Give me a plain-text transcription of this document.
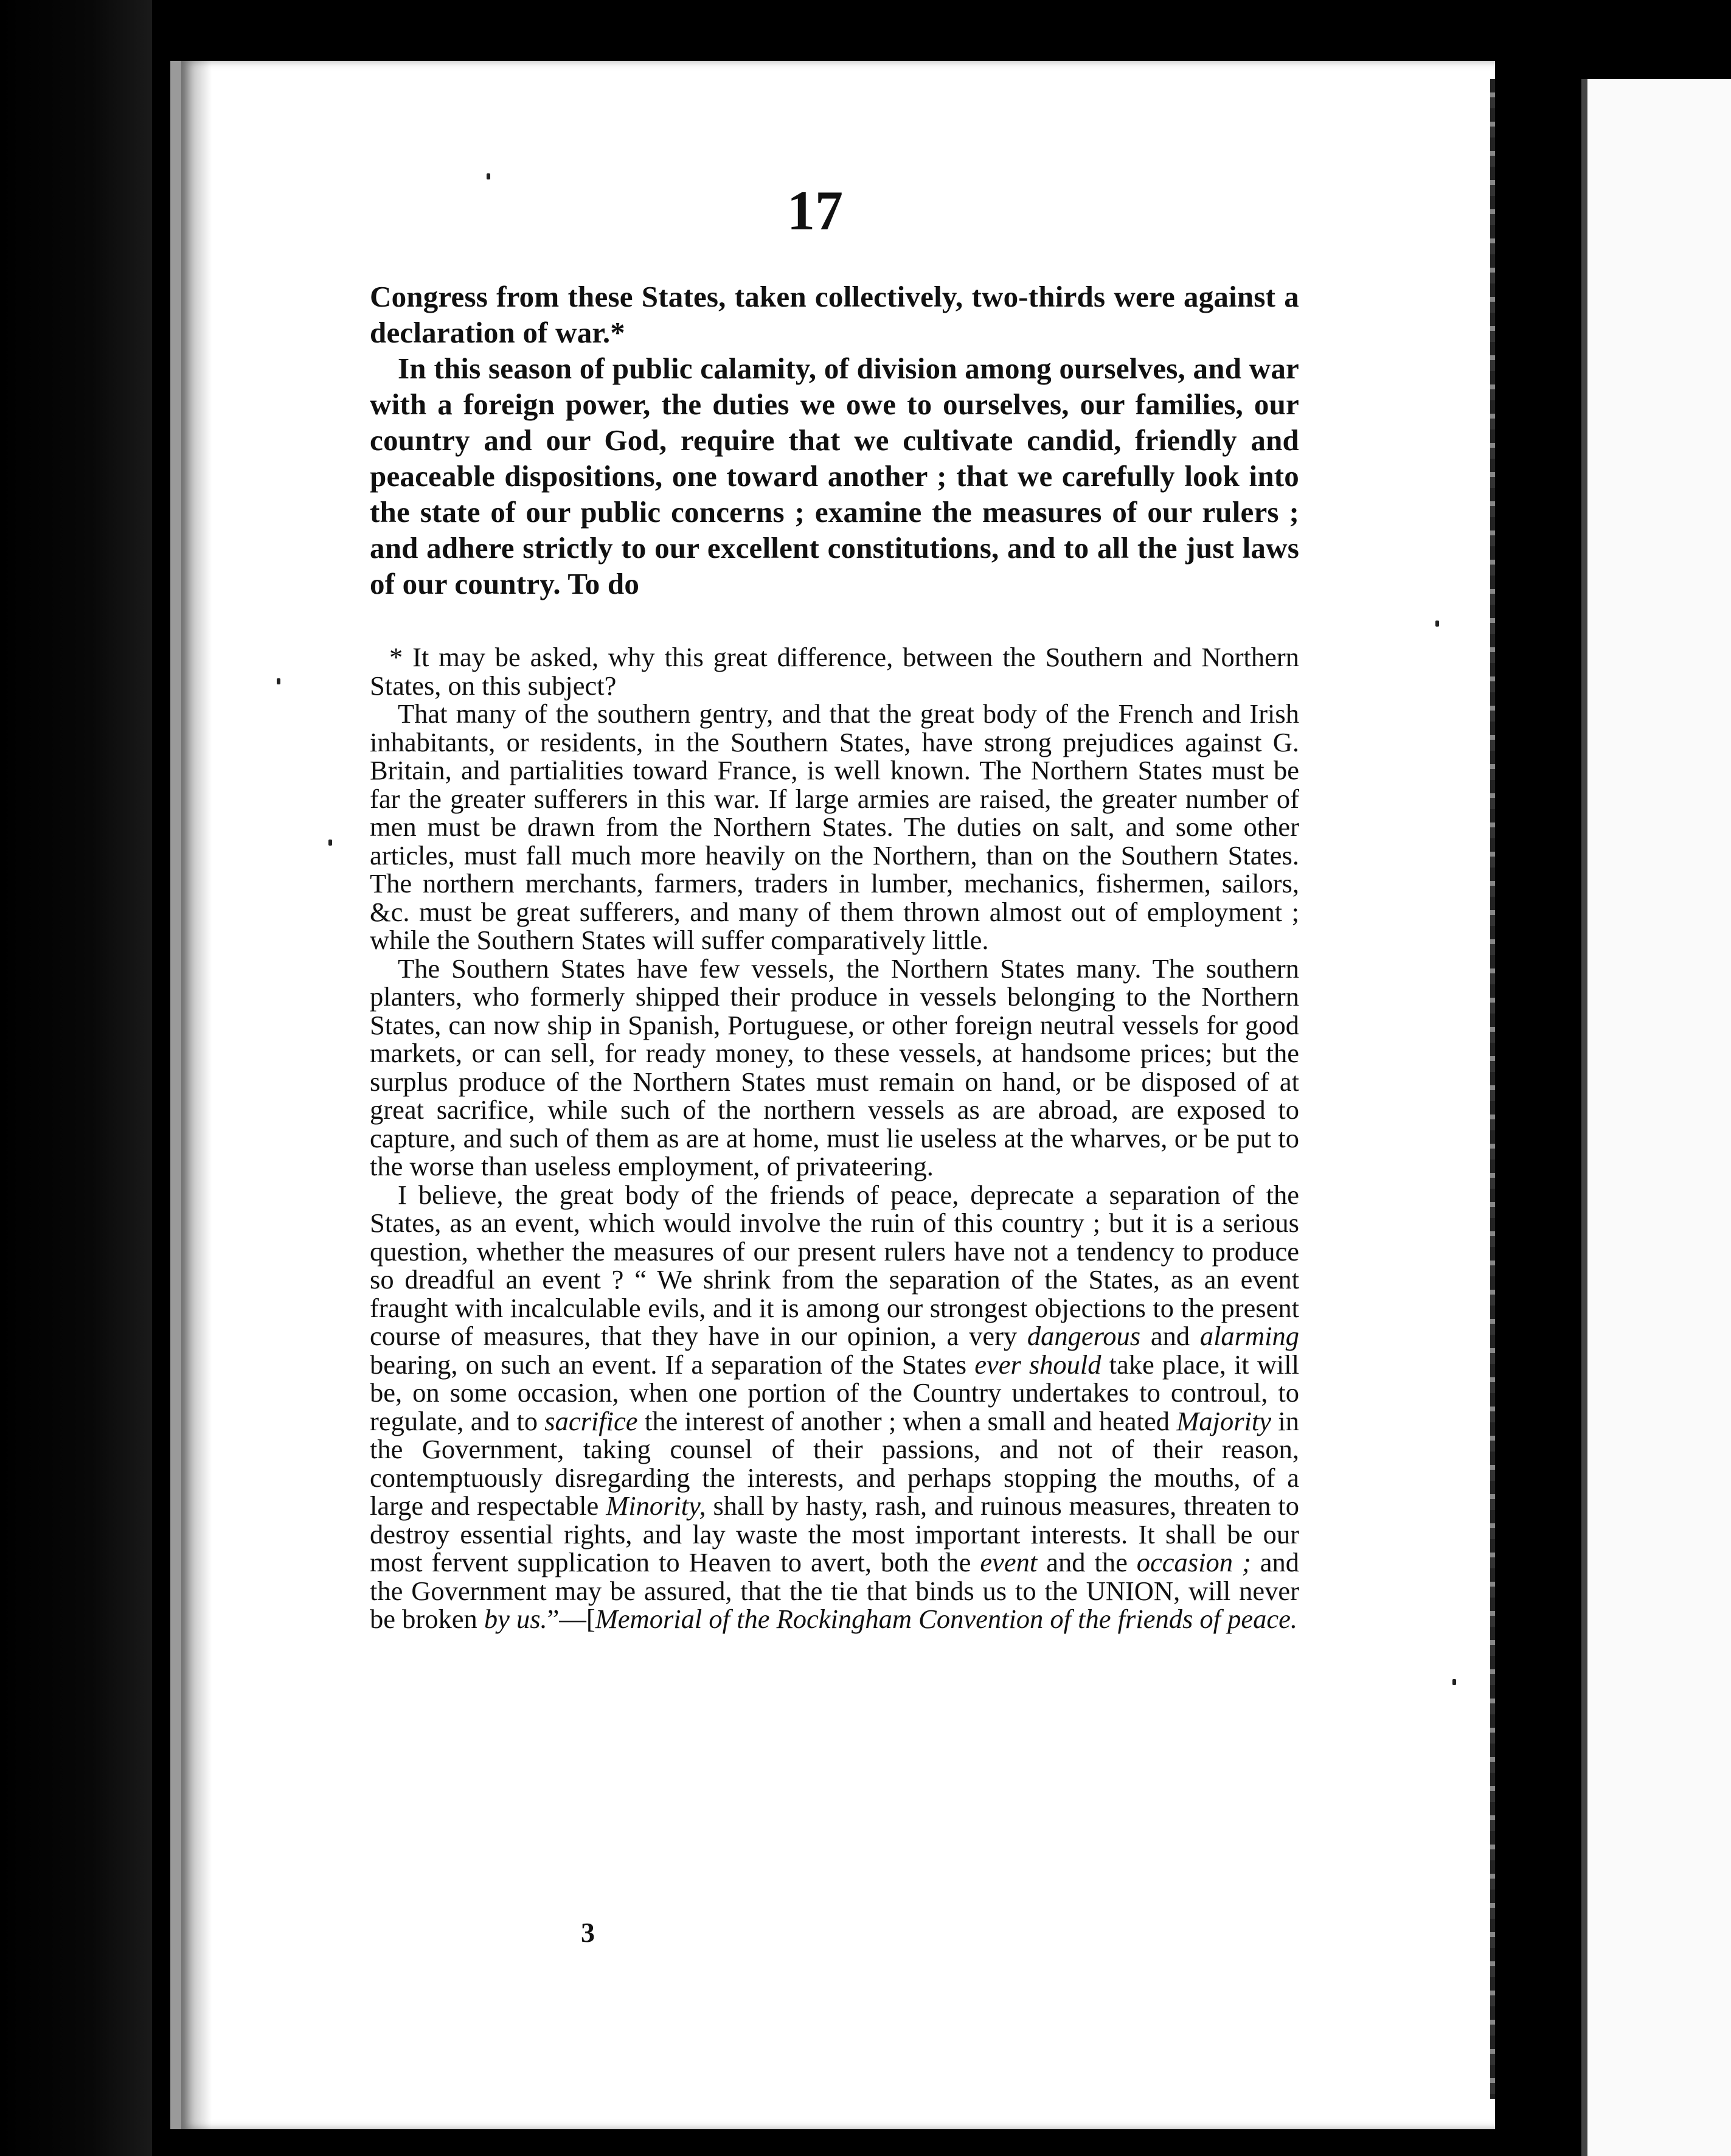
17

Congress from these States, taken collectively, two-thirds were against a declaration of war.*

In this season of public calamity, of division among ourselves, and war with a foreign power, the duties we owe to ourselves, our families, our country and our God, require that we cultivate candid, friendly and peaceable dispositions, one toward another ; that we carefully look into the state of our public concerns ; examine the measures of our rulers ; and adhere strictly to our excellent constitutions, and to all the just laws of our country. To do

* It may be asked, why this great difference, between the Southern and Northern States, on this subject?

That many of the southern gentry, and that the great body of the French and Irish inhabitants, or residents, in the Southern States, have strong prejudices against G. Britain, and partialities toward France, is well known. The Northern States must be far the greater sufferers in this war. If large armies are raised, the greater number of men must be drawn from the Northern States. The duties on salt, and some other articles, must fall much more heavily on the Northern, than on the Southern States. The northern merchants, farmers, traders in lumber, mechanics, fishermen, sailors, &c. must be great sufferers, and many of them thrown almost out of employment ; while the Southern States will suffer comparatively little.

The Southern States have few vessels, the Northern States many. The southern planters, who formerly shipped their produce in vessels belonging to the Northern States, can now ship in Spanish, Portuguese, or other foreign neutral vessels for good markets, or can sell, for ready money, to these vessels, at handsome prices; but the surplus produce of the Northern States must remain on hand, or be disposed of at great sacrifice, while such of the northern vessels as are abroad, are exposed to capture, and such of them as are at home, must lie useless at the wharves, or be put to the worse than useless employment, of privateering.

I believe, the great body of the friends of peace, deprecate a separation of the States, as an event, which would involve the ruin of this country ; but it is a serious question, whether the measures of our present rulers have not a tendency to produce so dreadful an event ? “ We shrink from the separation of the States, as an event fraught with incalculable evils, and it is among our strongest objections to the present course of measures, that they have in our opinion, a very dangerous and alarming bearing, on such an event. If a separation of the States ever should take place, it will be, on some occasion, when one portion of the Country undertakes to controul, to regulate, and to sacrifice the interest of another ; when a small and heated Majority in the Government, taking counsel of their passions, and not of their reason, contemptuously disregarding the interests, and perhaps stopping the mouths, of a large and respectable Minority, shall by hasty, rash, and ruinous measures, threaten to destroy essential rights, and lay waste the most important interests. It shall be our most fervent supplication to Heaven to avert, both the event and the occasion ; and the Government may be assured, that the tie that binds us to the UNION, will never be broken by us.”—[Memorial of the Rockingham Convention of the friends of peace.

3
